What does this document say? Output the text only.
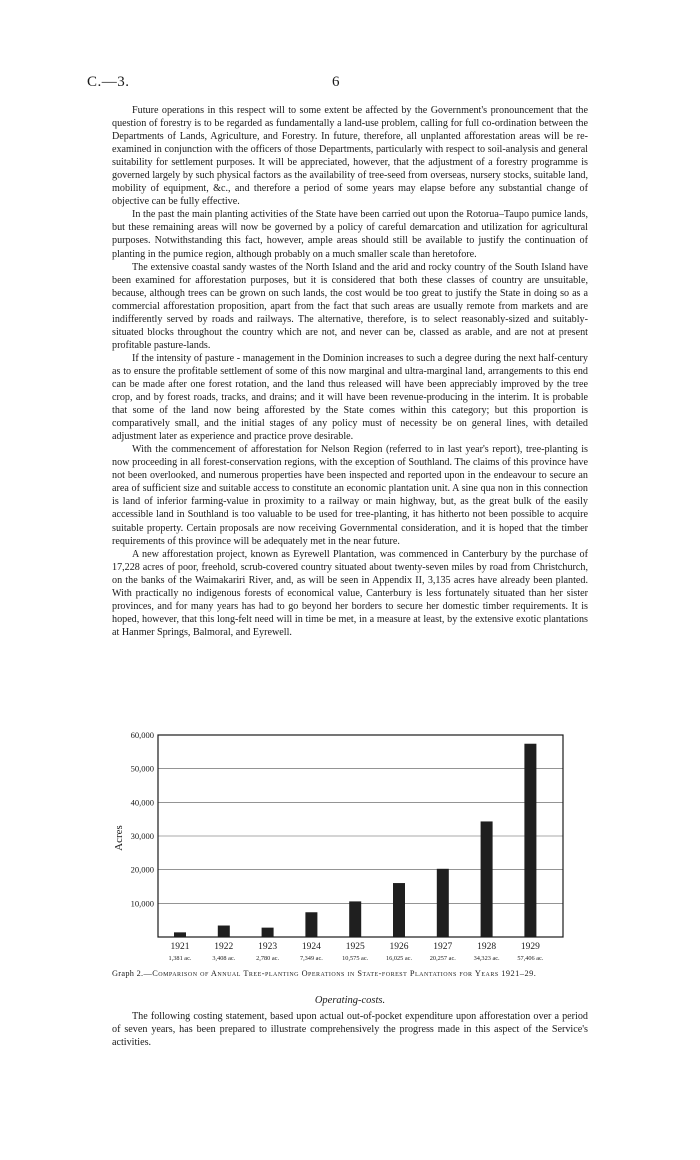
C.—3.	6

Future operations in this respect will to some extent be affected by the Government's pronouncement that the question of forestry is to be regarded as fundamentally a land-use problem, calling for full co-ordination between the Departments of Lands, Agriculture, and Forestry. In future, therefore, all unplanted afforestation areas will be re-examined in conjunction with the officers of those Departments, particularly with respect to soil-analysis and general suitability for settlement purposes. It will be appreciated, however, that the adjustment of a forestry programme is governed largely by such physical factors as the availability of tree-seed from overseas, nursery stocks, suitable land, mobility of equipment, &c., and therefore a period of some years may elapse before any substantial change of objective can be fully effective.

In the past the main planting activities of the State have been carried out upon the Rotorua–Taupo pumice lands, but these remaining areas will now be governed by a policy of careful demarcation and utilization for agricultural purposes. Notwithstanding this fact, however, ample areas should still be available to justify the continuation of planting in the pumice region, although probably on a much smaller scale than heretofore.

The extensive coastal sandy wastes of the North Island and the arid and rocky country of the South Island have been examined for afforestation purposes, but it is considered that both these classes of country are unsuitable, because, although trees can be grown on such lands, the cost would be too great to justify the State in doing so as a commercial afforestation proposition, apart from the fact that such areas are usually remote from markets and are indifferently served by roads and railways. The alternative, therefore, is to select reasonably-sized and suitably-situated blocks throughout the country which are not, and never can be, classed as arable, and are not at present profitable pasture-lands.

If the intensity of pasture - management in the Dominion increases to such a degree during the next half-century as to ensure the profitable settlement of some of this now marginal and ultra-marginal land, arrangements to this end can be made after one forest rotation, and the land thus released will have been appreciably improved by the tree crop, and by forest roads, tracks, and drains; and it will have been revenue-producing in the interim. It is probable that some of the land now being afforested by the State comes within this category; but this proportion is comparatively small, and the initial stages of any policy must of necessity be on general lines, with detailed adjustment later as experience and practice prove desirable.

With the commencement of afforestation for Nelson Region (referred to in last year's report), tree-planting is now proceeding in all forest-conservation regions, with the exception of Southland. The claims of this province have not been overlooked, and numerous properties have been inspected and reported upon in the endeavour to secure an area of sufficient size and suitable access to constitute an economic plantation unit. A sine qua non in this connection is land of inferior farming-value in proximity to a railway or main highway, but, as the great bulk of the easily accessible land in Southland is too valuable to be used for tree-planting, it has hitherto not been possible to acquire suitable property. Certain proposals are now receiving Governmental consideration, and it is hoped that the timber requirements of this province will be adequately met in the near future.

A new afforestation project, known as Eyrewell Plantation, was commenced in Canterbury by the purchase of 17,228 acres of poor, freehold, scrub-covered country situated about twenty-seven miles by road from Christchurch, on the banks of the Waimakariri River, and, as will be seen in Appendix II, 3,135 acres have already been planted. With practically no indigenous forests of economical value, Canterbury is less fortunately situated than her sister provinces, and for many years has had to go beyond her borders to secure her domestic timber requirements. It is hoped, however, that this long-felt need will in time be met, in a measure at least, by the extensive exotic plantations at Hanmer Springs, Balmoral, and Eyrewell.

10,000
20,000
30,000
40,000
50,000
60,000
1921
1,381 ac.
1922
3,408 ac.
1923
2,780 ac.
1924
7,349 ac.
1925
10,575 ac.
1926
16,025 ac.
1927
20,257 ac.
1928
34,323 ac.
1929
57,406 ac.
Acres
Graph 2.—Comparison of Annual Tree-planting Operations in State-forest Plantations for Years 1921–29.
Operating-costs.

The following costing statement, based upon actual out-of-pocket expenditure upon afforestation over a period of seven years, has been prepared to illustrate comprehensively the progress made in this aspect of the Service's activities.
